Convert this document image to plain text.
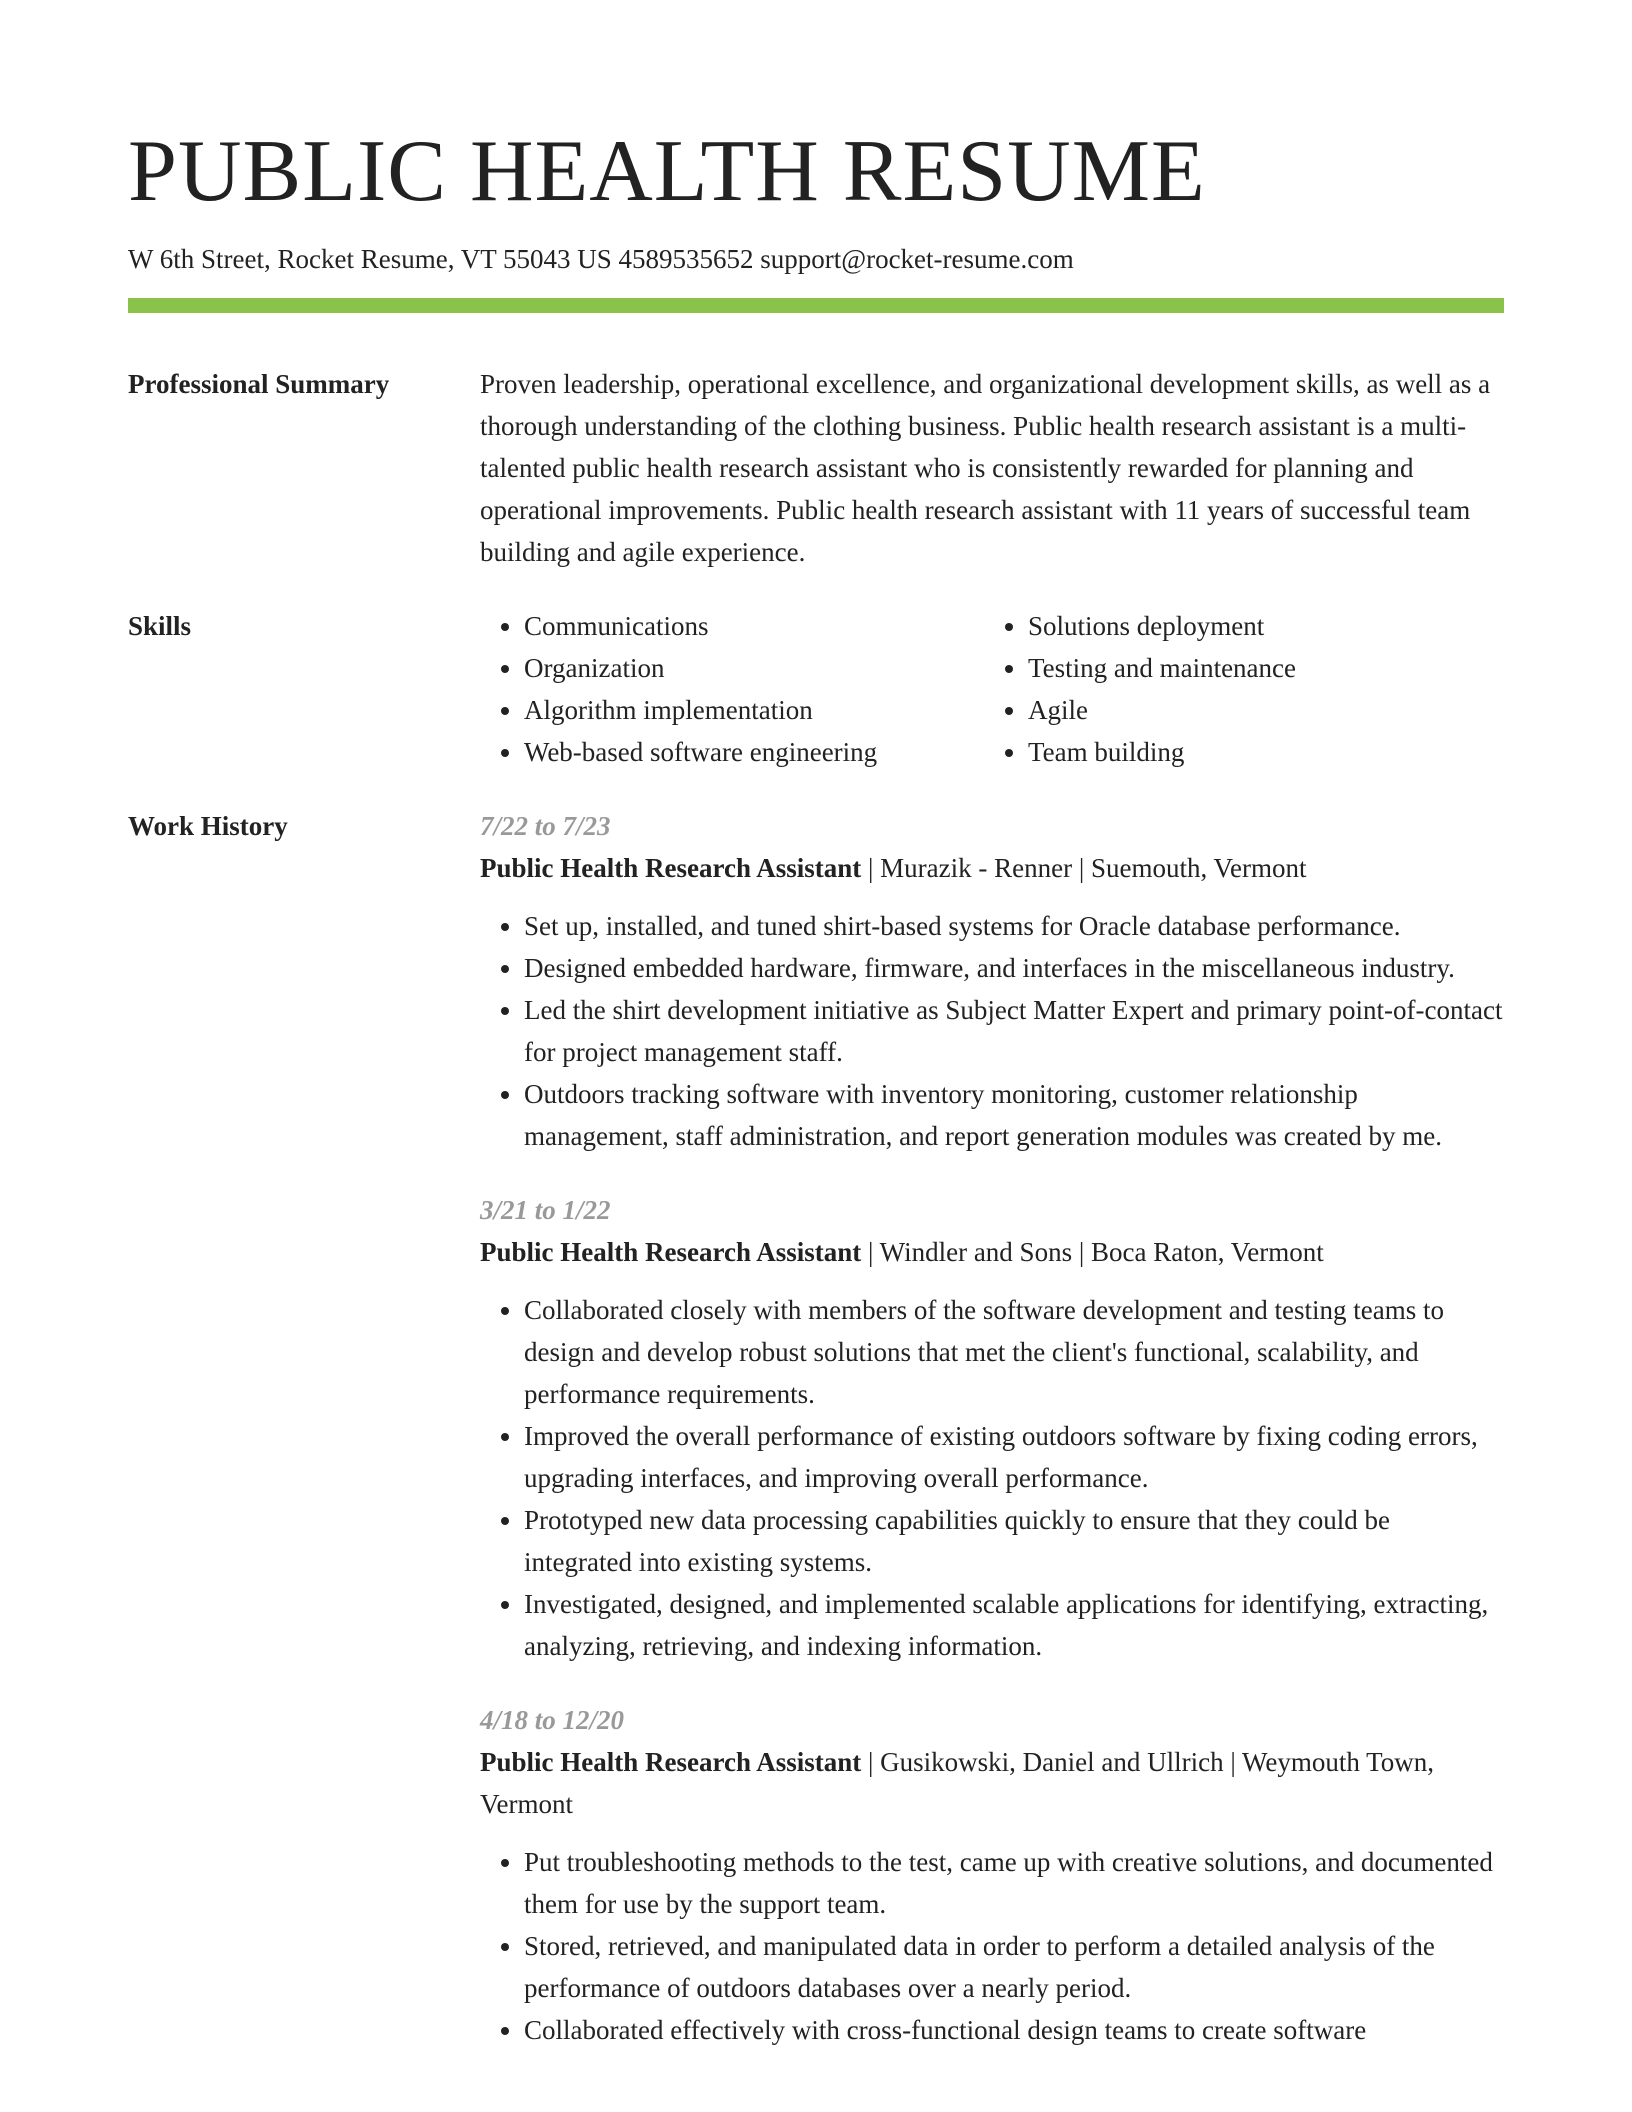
PUBLIC HEALTH RESUME
W 6th Street, Rocket Resume, VT 55043 US 4589535652 support@rocket-resume.com
Professional Summary	Proven leadership, operational excellence, and organizational development skills, as well as a thorough understanding of the clothing business. Public health research assistant is a multi-talented public health research assistant who is consistently rewarded for planning and operational improvements. Public health research assistant with 11 years of successful team building and agile experience.

Skills
•	Communications
• Organization
• Algorithm implementation
• Web-based software engineering
• Solutions deployment
• Testing and maintenance
• Agile
• Team building
Work History	7/22 to 7/23
Public Health Research Assistant | Murazik - Renner | Suemouth, Vermont
• Set up, installed, and tuned shirt-based systems for Oracle database performance.
• Designed embedded hardware, firmware, and interfaces in the miscellaneous industry.
• Led the shirt development initiative as Subject Matter Expert and primary point-of-contact for project management staff.
• Outdoors tracking software with inventory monitoring, customer relationship management, staff administration, and report generation modules was created by me.
3/21 to 1/22
Public Health Research Assistant | Windler and Sons | Boca Raton, Vermont
• Collaborated closely with members of the software development and testing teams to design and develop robust solutions that met the client's functional, scalability, and performance requirements.
• Improved the overall performance of existing outdoors software by fixing coding errors, upgrading interfaces, and improving overall performance.
• Prototyped new data processing capabilities quickly to ensure that they could be integrated into existing systems.
• Investigated, designed, and implemented scalable applications for identifying, extracting, analyzing, retrieving, and indexing information.
4/18 to 12/20
Public Health Research Assistant | Gusikowski, Daniel and Ullrich | Weymouth Town, Vermont
• Put troubleshooting methods to the test, came up with creative solutions, and documented them for use by the support team.
• Stored, retrieved, and manipulated data in order to perform a detailed analysis of the performance of outdoors databases over a nearly period.
• Collaborated effectively with cross-functional design teams to create software
